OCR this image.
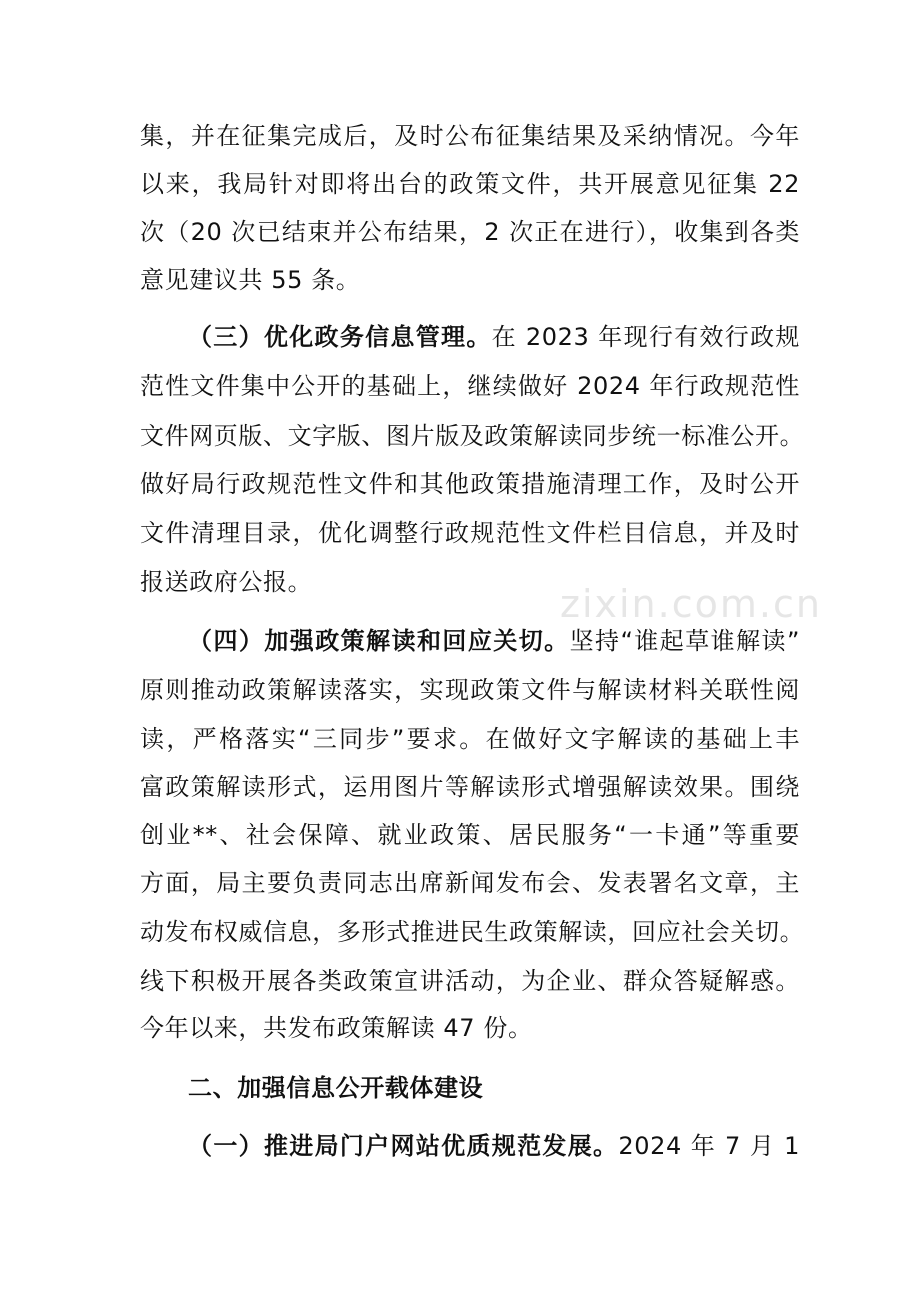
zixin.com.cn
集，并在征集完成后，及时公布征集结果及采纳情况。今年
以来，我局针对即将出台的政策文件，共开展意见征集 22
次（20 次已结束并公布结果，2 次正在进行），收集到各类
意见建议共 55 条。
（三）优化政务信息管理。在 2023 年现行有效行政规
范性文件集中公开的基础上，继续做好 2024 年行政规范性
文件网页版、文字版、图片版及政策解读同步统一标准公开。
做好局行政规范性文件和其他政策措施清理工作，及时公开
文件清理目录，优化调整行政规范性文件栏目信息，并及时
报送政府公报。
（四）加强政策解读和回应关切。坚持“谁起草谁解读”
原则推动政策解读落实，实现政策文件与解读材料关联性阅
读，严格落实“三同步”要求。在做好文字解读的基础上丰
富政策解读形式，运用图片等解读形式增强解读效果。围绕
创业**、社会保障、就业政策、居民服务“一卡通”等重要
方面，局主要负责同志出席新闻发布会、发表署名文章，主
动发布权威信息，多形式推进民生政策解读，回应社会关切。
线下积极开展各类政策宣讲活动，为企业、群众答疑解惑。
今年以来，共发布政策解读 47 份。
二、加强信息公开载体建设
（一）推进局门户网站优质规范发展。2024 年 7 月 1
